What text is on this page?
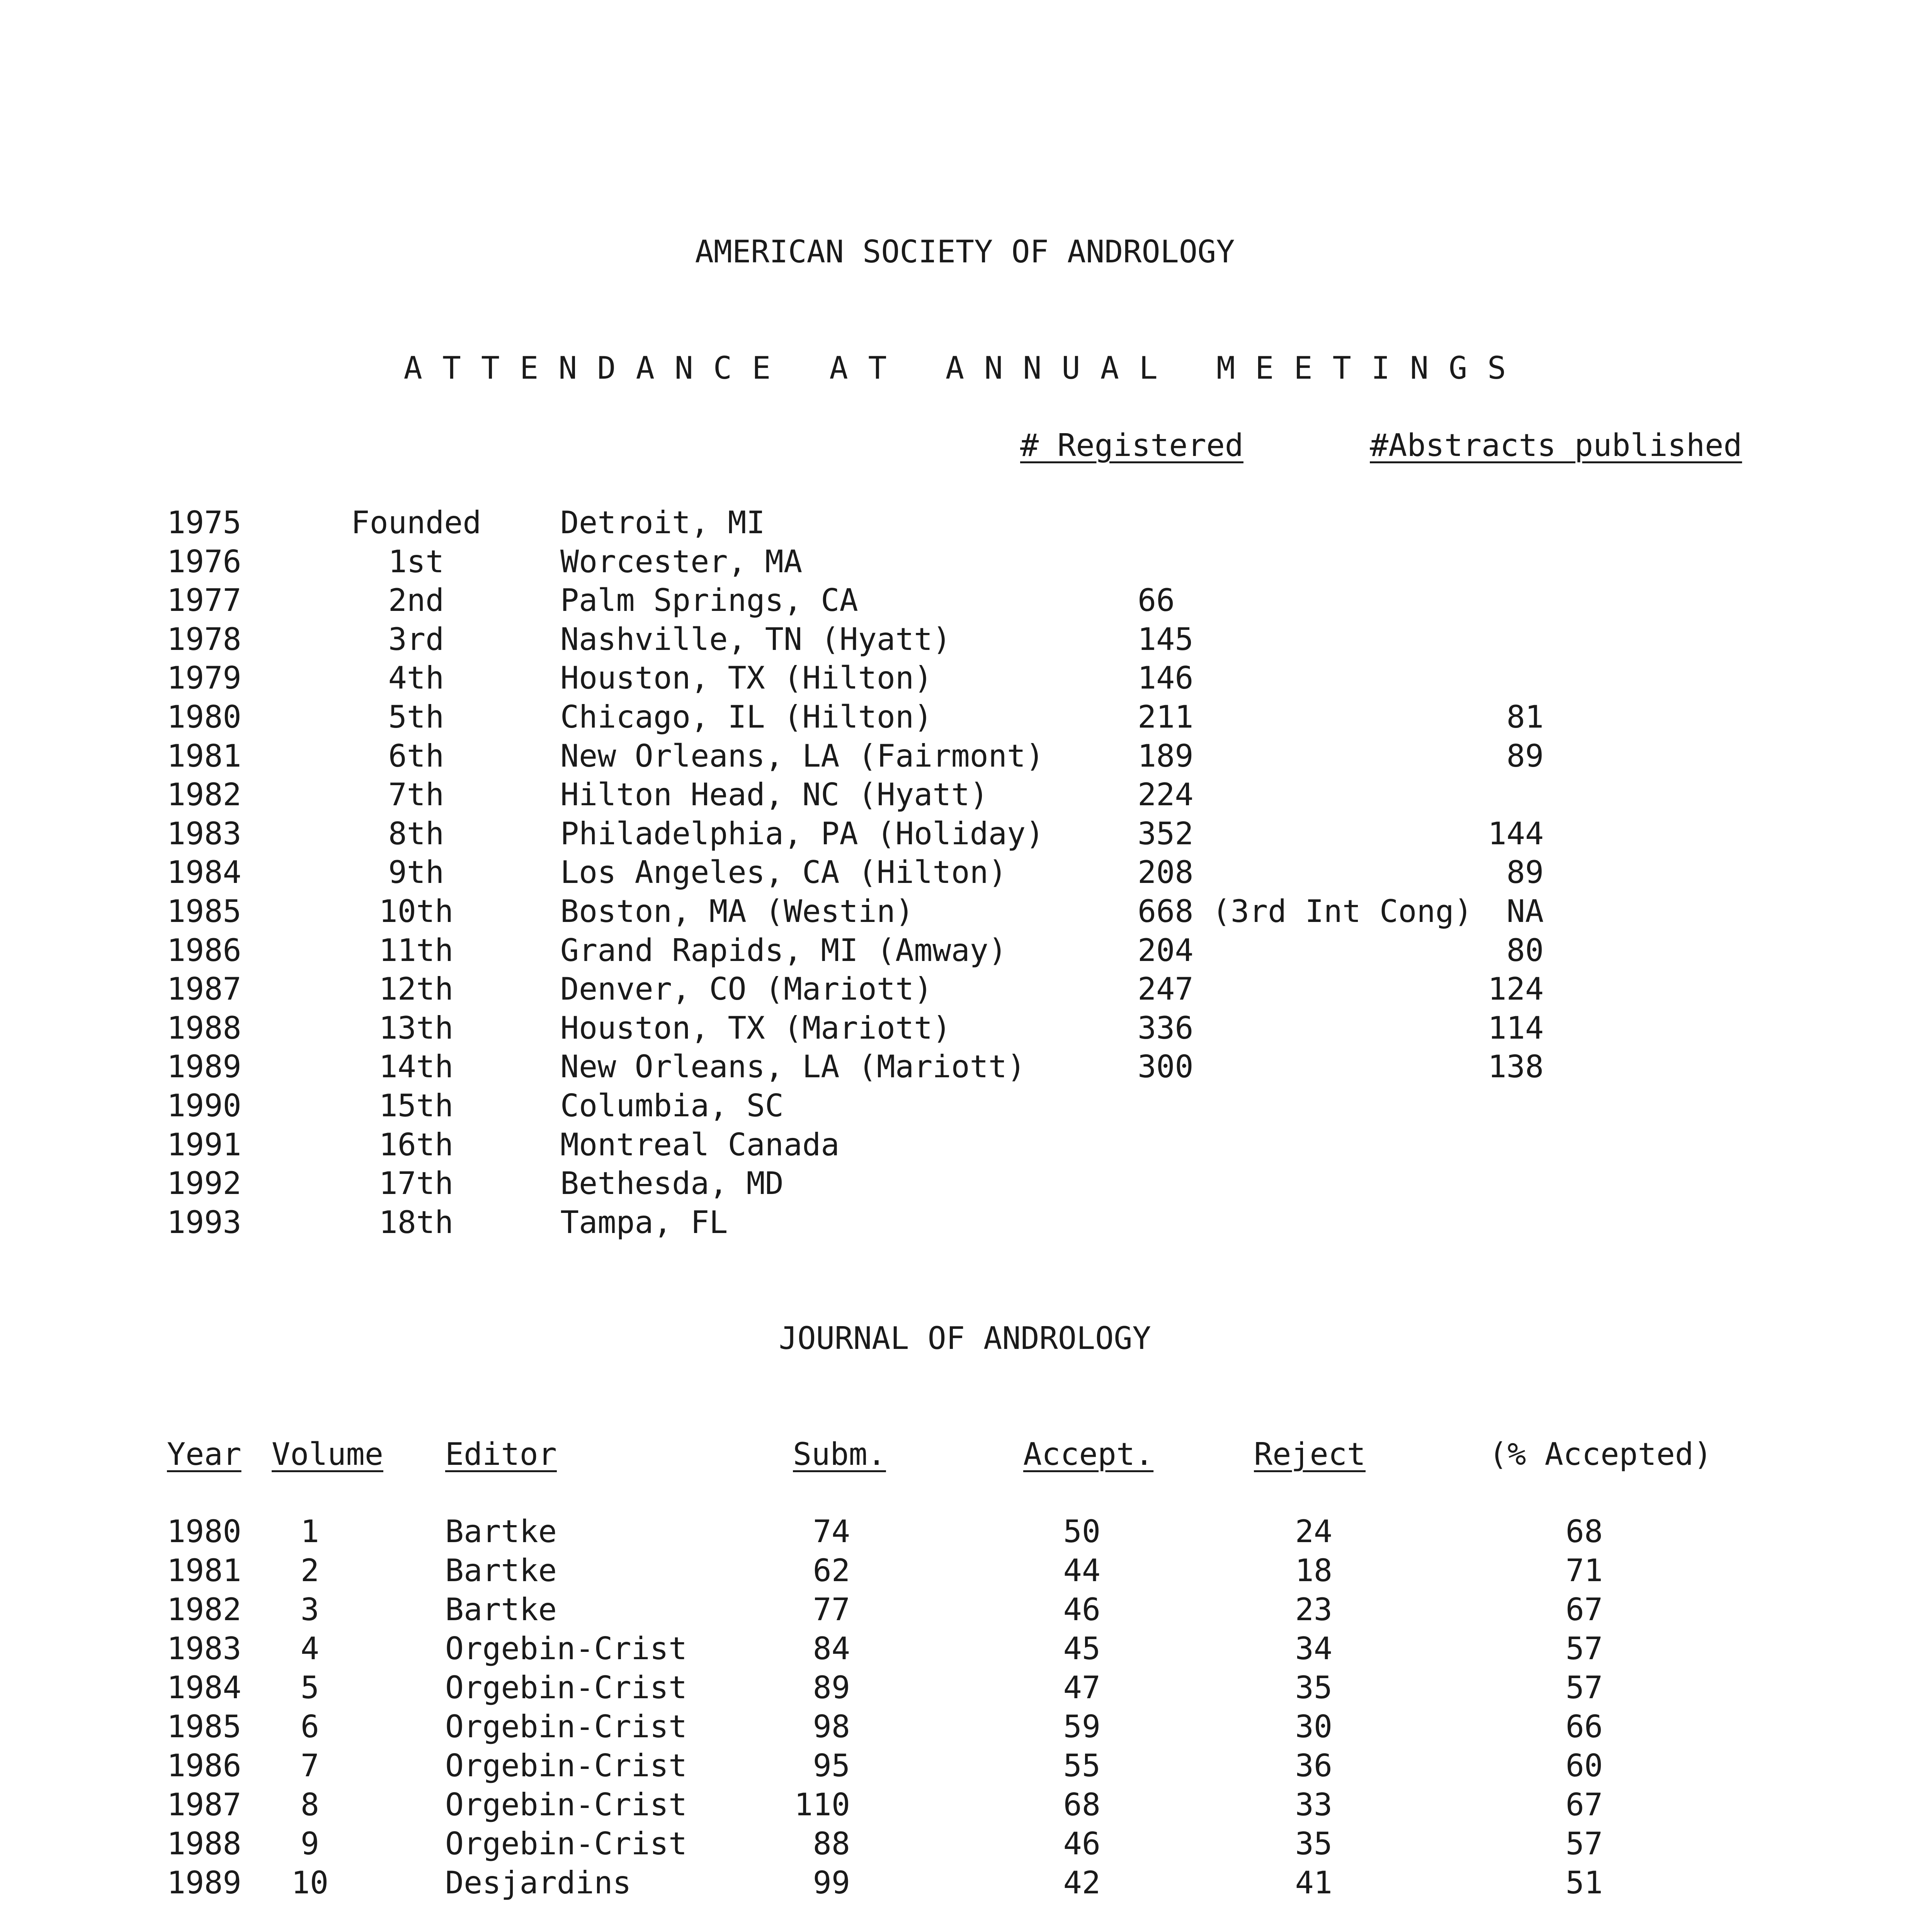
AMERICAN SOCIETY OF ANDROLOGY
ATTENDANCE AT ANNUAL MEETINGS
# Registered	#Abstracts published
1975	Founded	Detroit, MI
1976	1st	Worcester, MA
1977	2nd	Palm Springs, CA	66
1978	3rd	Nashville, TN (Hyatt)	145
1979	4th	Houston, TX (Hilton)	146
1980	5th	Chicago, IL (Hilton)	211	81
1981	6th	New Orleans, LA (Fairmont)	189	89
1982	7th	Hilton Head, NC (Hyatt)	224
1983	8th	Philadelphia, PA (Holiday)	352	144
1984	9th	Los Angeles, CA (Hilton)	208	89
1985	10th	Boston, MA (Westin)	668 (3rd Int Cong) NA
1986	11th	Grand Rapids, MI (Amway)	204	80
1987	12th	Denver, CO (Mariott)	247	124
1988	13th	Houston, TX (Mariott)	336	114
1989	14th	New Orleans, LA (Mariott)	300	138
1990	15th	Columbia, SC
1991	16th	Montreal Canada
1992	17th	Bethesda, MD
1993	18th	Tampa, FL
JOURNAL OF ANDROLOGY
Year Volume Editor	Subm.	Accept.	Reject	(% Accepted)
1980 1	Bartke	74	50	24	68
1981 2	Bartke	62	44	18	71
1982 3	Bartke	77	46	23	67
1983 4	Orgebin-Crist	84	45	34	57
1984 5	Orgebin-Crist	89	47	35	57
1985 6	Orgebin-Crist	98	59	30	66
1986 7	Orgebin-Crist	95	55	36	60
1987 8	Orgebin-Crist	110	68	33	67
1988 9	Orgebin-Crist	88	46	35	57
1989 10	Desjardins	99	42	41	51
